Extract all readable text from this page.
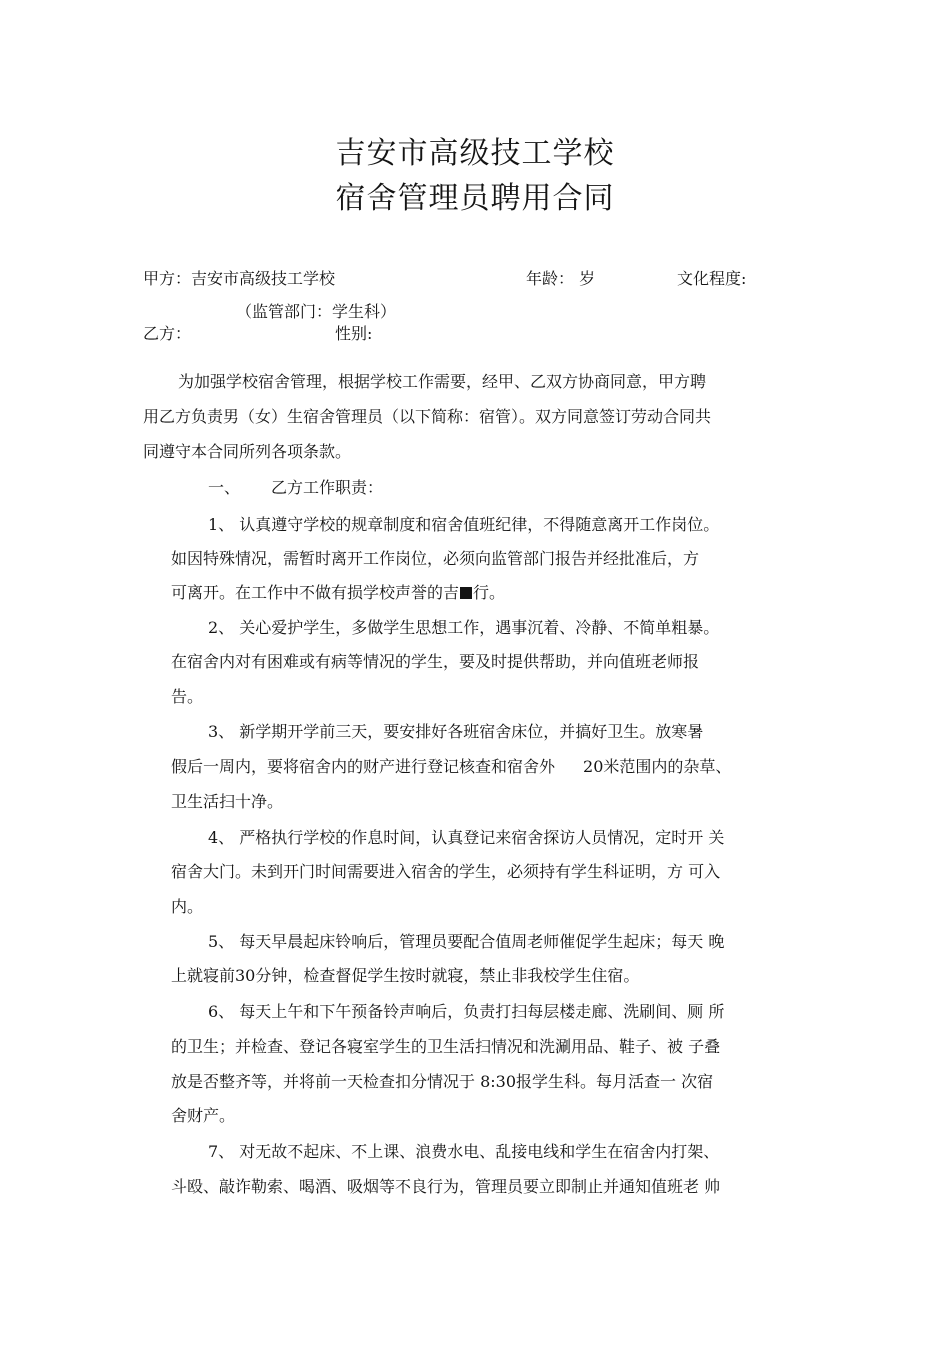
吉安市高级技工学校
宿舍管理员聘用合同
甲方：吉安市高级技工学校	年龄： 岁	文化程度:
（监管部门：学生科）
乙方：	性别:
为加强学校宿舍管理，根据学校工作需要，经甲、乙双方协商同意，甲方聘
用乙方负责男（女）生宿舍管理员（以下简称：宿管）。双方同意签订劳动合同共
同遵守本合同所列各项条款。
一、 乙方工作职责：
1、 认真遵守学校的规章制度和宿舍值班纪律，不得随意离开工作岗位。
如因特殊情况，需暂时离开工作岗位，必须向监管部门报告并经批准后，方
可离开。在工作中不做有损学校声誉的吉 行。
2、 关心爱护学生，多做学生思想工作，遇事沉着、冷静、不简单粗暴。
在宿舍内对有困难或有病等情况的学生，要及时提供帮助，并向值班老师报
告。
3、 新学期开学前三天，要安排好各班宿舍床位，并搞好卫生。放寒暑
假后一周内，要将宿舍内的财产进行登记核查和宿舍外 20米范围内的杂草、
卫生活扫十净。
4、 严格执行学校的作息时间，认真登记来宿舍探访人员情况，定时开 关
宿舍大门。未到开门时间需要进入宿舍的学生，必须持有学生科证明，方 可入
内。
5、 每天早晨起床铃响后，管理员要配合值周老师催促学生起床；每天 晚
上就寝前30分钟，检查督促学生按时就寝，禁止非我校学生住宿。
6、 每天上午和下午预备铃声响后，负责打扫每层楼走廊、洗刷间、厕 所
的卫生；并检查、登记各寝室学生的卫生活扫情况和洗涮用品、鞋子、被 子叠
放是否整齐等，并将前一天检查扣分情况于 8:30报学生科。每月活查一 次宿
舍财产。
7、 对无故不起床、不上课、浪费水电、乱接电线和学生在宿舍内打架、
斗殴、敲诈勒索、喝酒、吸烟等不良行为，管理员要立即制止并通知值班老 帅
